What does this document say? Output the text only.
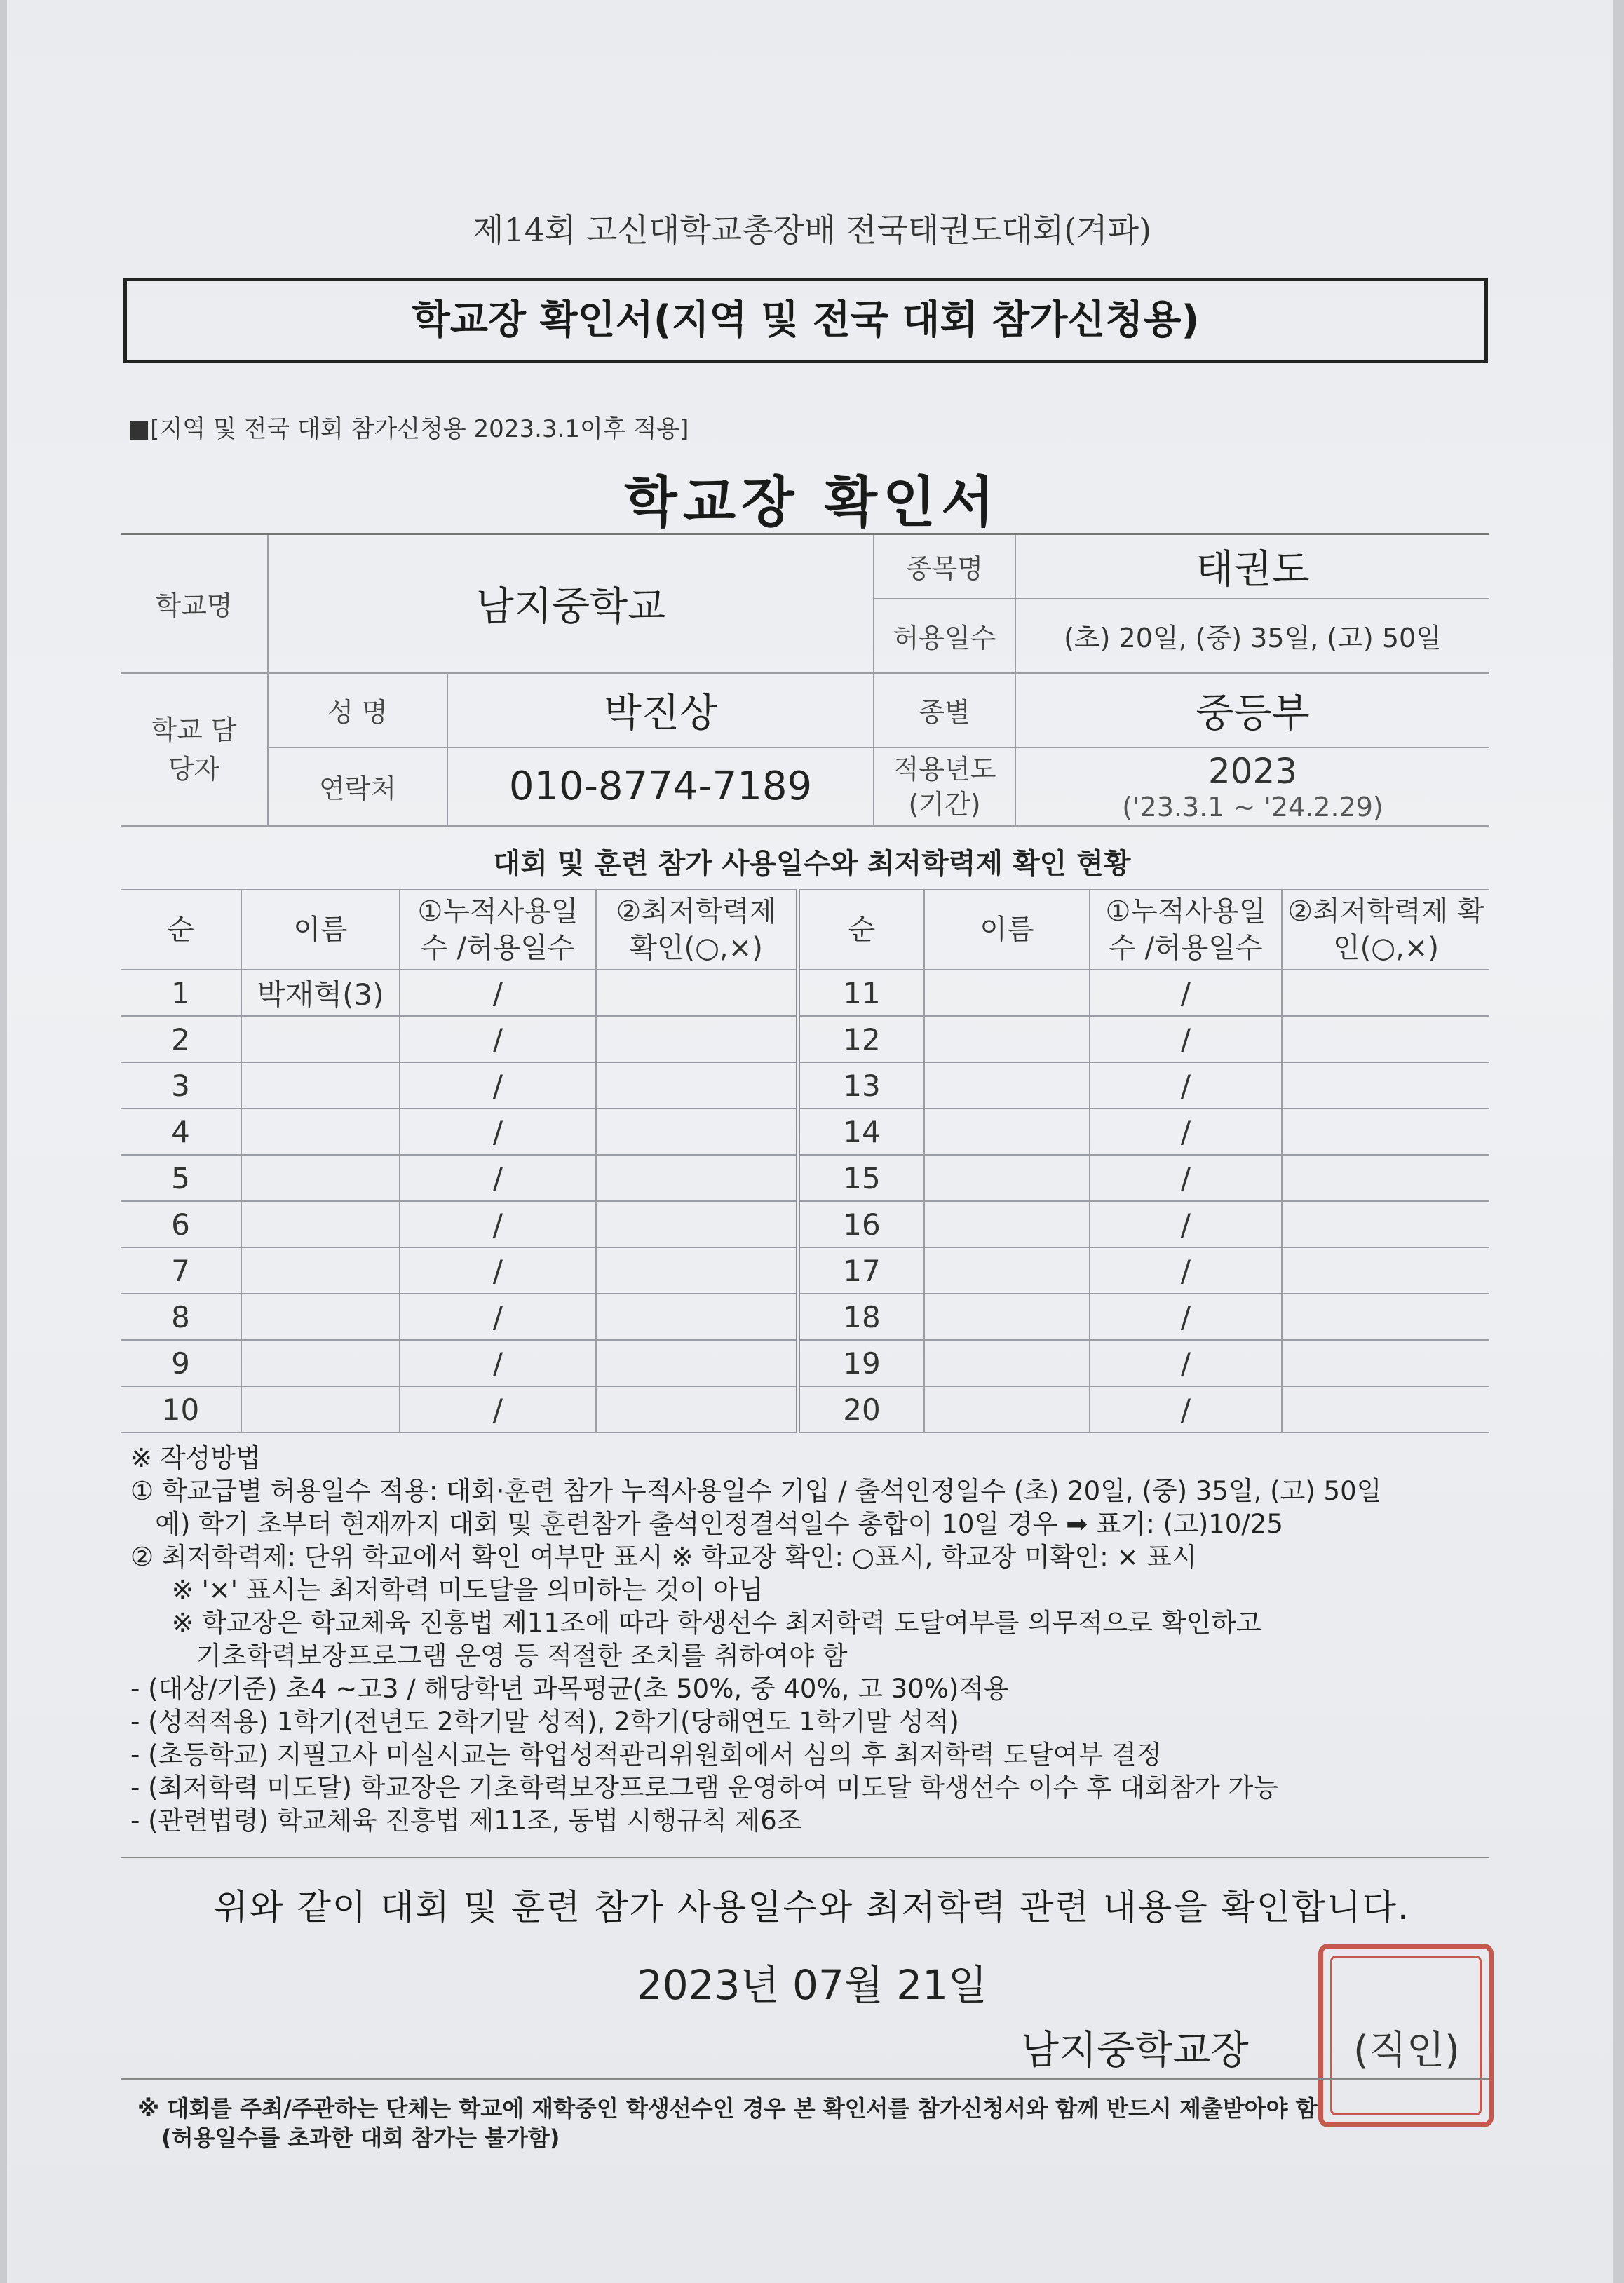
제14회 고신대학교총장배 전국태권도대회(겨파)
학교장 확인서(지역 및 전국 대회 참가신청용)
■[지역 및 전국 대회 참가신청용 2023.3.1이후 적용]
학교장 확인서
학교명	남지중학교		종목명	태권도
			허용일수	(초) 20일, (중) 35일, (고) 50일
학교 담당자	성 명	박진상	종별	중등부
	연락처	010-8774-7189	적용년도 (기간)	2023
('23.3.1 ~ '24.2.29)
대회 및 훈련 참가 사용일수와 최저학력제 확인 현황
순	이름	①누적사용일수 /허용일수	②최저학력제 확인(○,×)	순	이름	①누적사용일수 /허용일수	②최저학력제 확인(○,×)
1	박재혁(3)	/		11		/	
2		/		12		/	
3		/		13		/	
4		/		14		/	
5		/		15		/	
6		/		16		/	
7		/		17		/	
8		/		18		/	
9		/		19		/	
10		/		20		/	
※ 작성방법
① 학교급별 허용일수 적용: 대회·훈련 참가 누적사용일수 기입 / 출석인정일수 (초) 20일, (중) 35일, (고) 50일
예) 학기 초부터 현재까지 대회 및 훈련참가 출석인정결석일수 총합이 10일 경우 ➡ 표기: (고)10/25
② 최저학력제: 단위 학교에서 확인 여부만 표시 ※ 학교장 확인: ○표시, 학교장 미확인: × 표시
※ '×' 표시는 최저학력 미도달을 의미하는 것이 아님
※ 학교장은 학교체육 진흥법 제11조에 따라 학생선수 최저학력 도달여부를 의무적으로 확인하고
기초학력보장프로그램 운영 등 적절한 조치를 취하여야 함
- (대상/기준) 초4 ~고3 / 해당학년 과목평균(초 50%, 중 40%, 고 30%)적용
- (성적적용) 1학기(전년도 2학기말 성적), 2학기(당해연도 1학기말 성적)
- (초등학교) 지필고사 미실시교는 학업성적관리위원회에서 심의 후 최저학력 도달여부 결정
- (최저학력 미도달) 학교장은 기초학력보장프로그램 운영하여 미도달 학생선수 이수 후 대회참가 가능
- (관련법령) 학교체육 진흥법 제11조, 동법 시행규칙 제6조
위와 같이 대회 및 훈련 참가 사용일수와 최저학력 관련 내용을 확인합니다.
2023년 07월 21일
남지중학교장	(직인)
※ 대회를 주최/주관하는 단체는 학교에 재학중인 학생선수인 경우 본 확인서를 참가신청서와 함께 반드시 제출받아야 함
(허용일수를 초과한 대회 참가는 불가함)
